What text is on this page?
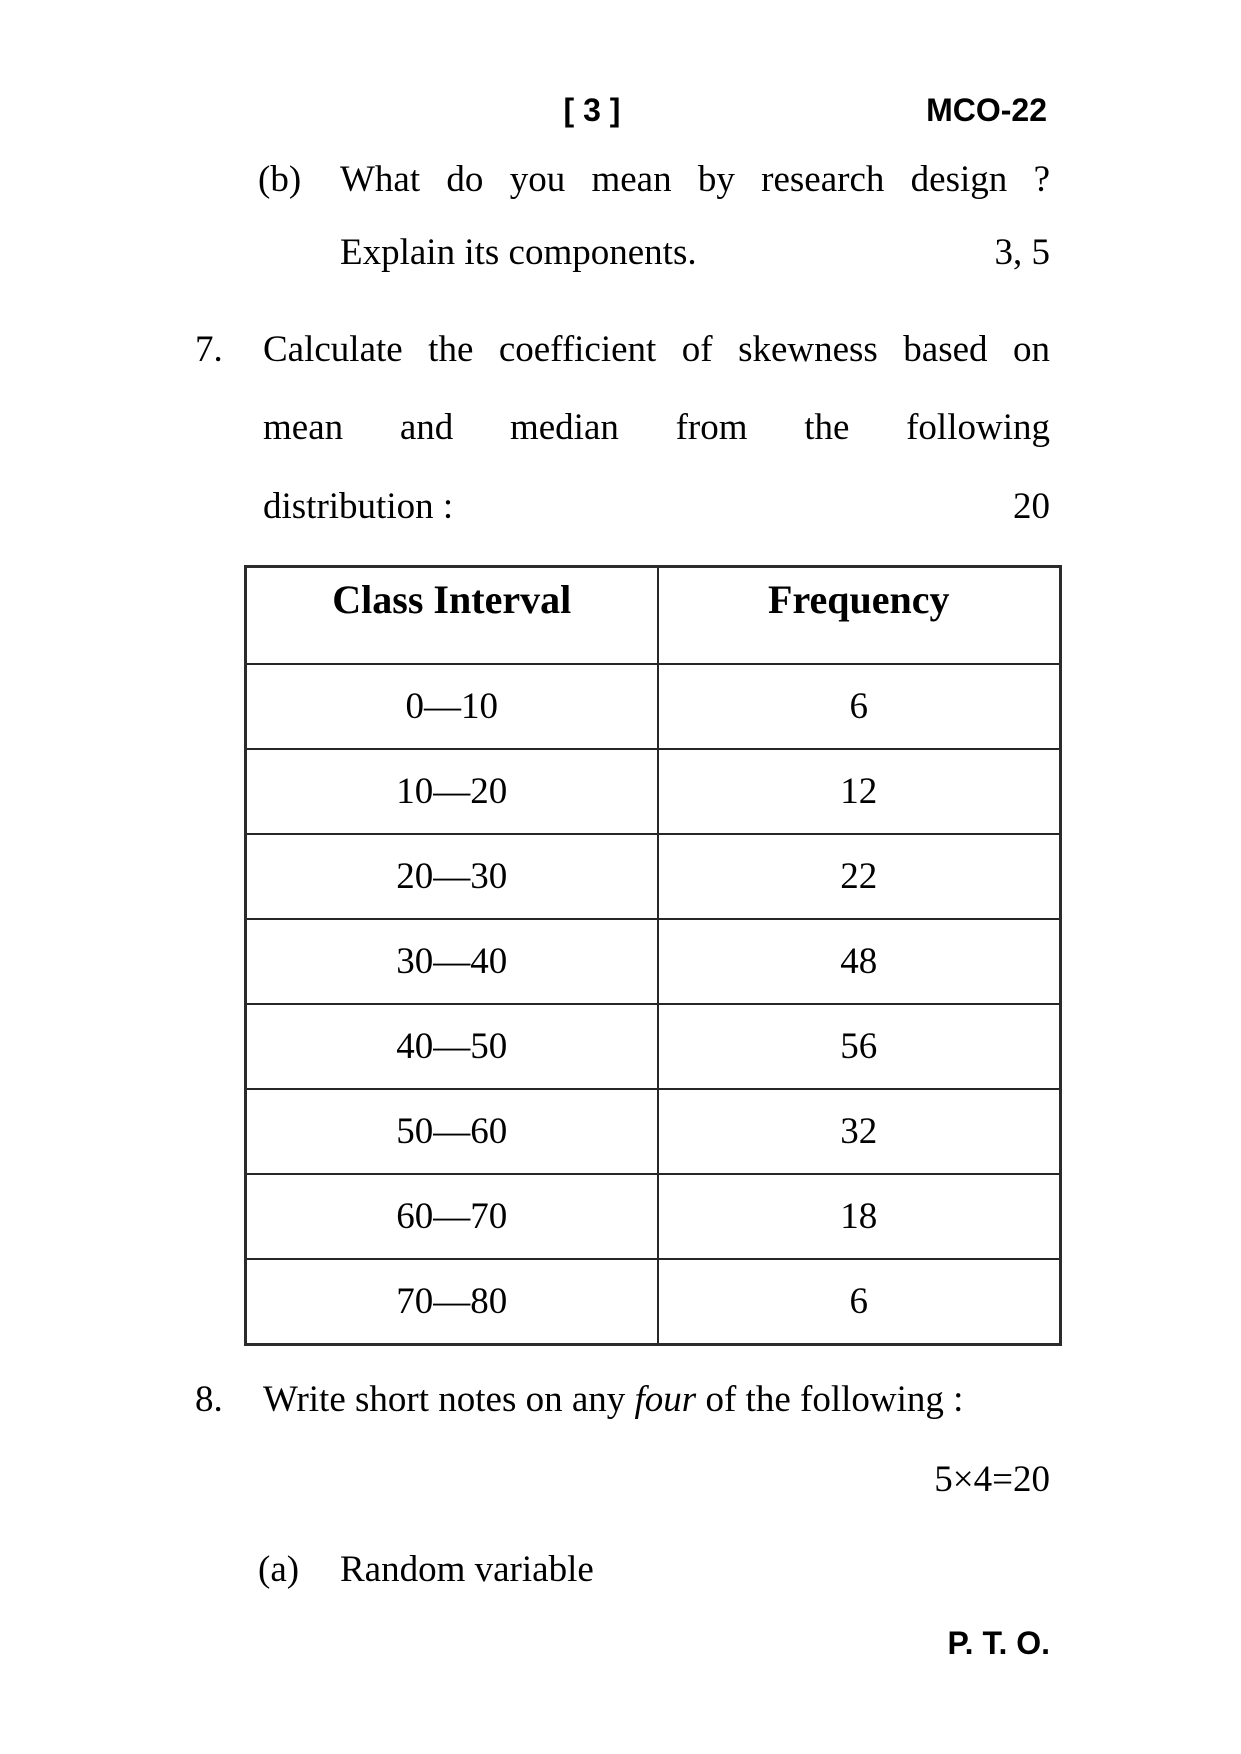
[ 3 ]	MCO-22
(b) What do you mean by research design ?
Explain its components.	3, 5
7. Calculate the coefficient of skewness based on
mean and median from the following
distribution :	20
Class Interval	Frequency
0—10	6
10—20	12
20—30	22
30—40	48
40—50	56
50—60	32
60—70	18
70—80	6
8. Write short notes on any four of the following :
5×4=20
(a) Random variable
P. T. O.
